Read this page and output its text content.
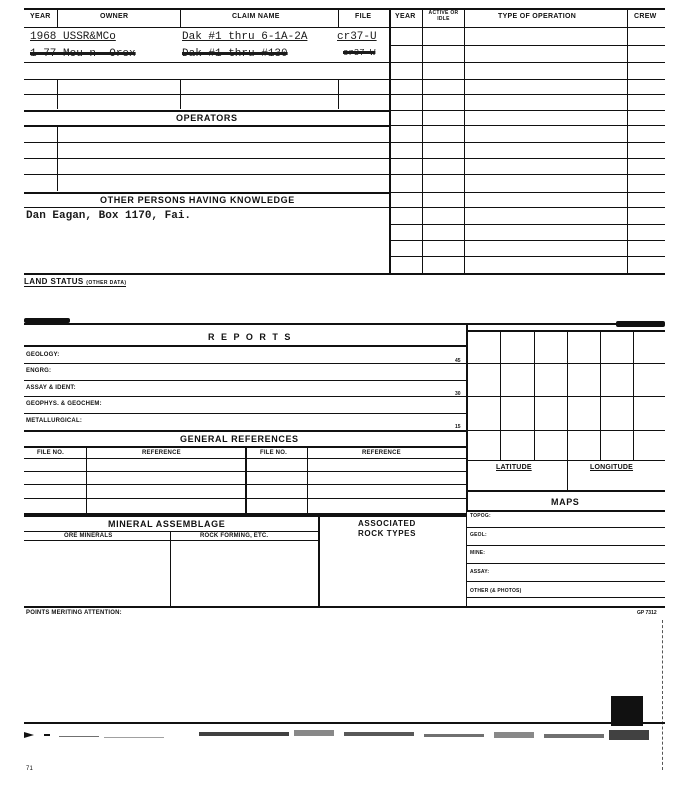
YEAR	OWNER	CLAIM NAME	FILE
1968 USSR&MCo	Dak #1 thru 6-1A-2A	cr37-U
1-77 Mou n- Orex	Dak #1 thru #130	cr37-W
OPERATORS
OTHER PERSONS HAVING KNOWLEDGE
Dan Eagan, Box 1170, Fai.
YEAR	ACTIVE OR IDLE	TYPE OF OPERATION	CREW
LAND STATUS (OTHER DATA)
R E P O R T S
GEOLOGY:
45
ENGRG:
ASSAY & IDENT:
30
GEOPHYS. & GEOCHEM:
METALLURGICAL:
15
LATITUDE	LONGITUDE
GENERAL REFERENCES
FILE NO.	REFERENCE	FILE NO.	REFERENCE
MAPS
TOPOG:
GEOL:
MINE:
ASSAY:
OTHER (& PHOTOS)
MINERAL ASSEMBLAGE
ORE MINERALS	ROCK FORMING, ETC.
ASSOCIATED
ROCK TYPES
POINTS MERITING ATTENTION:	GP 7312
71
